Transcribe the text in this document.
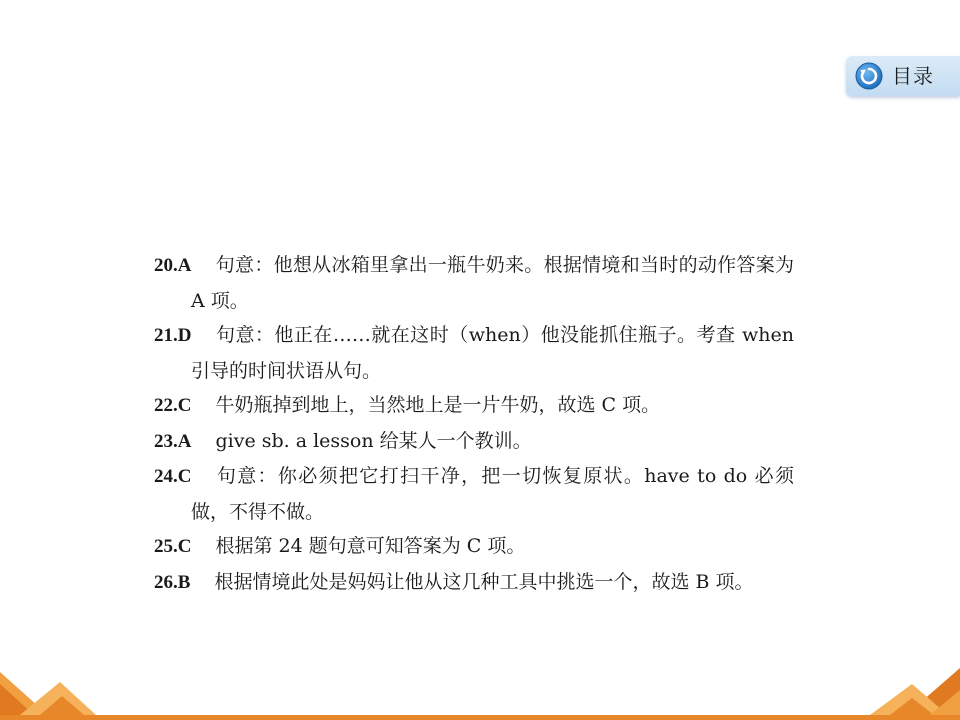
目录
20.A 句意：他想从冰箱里拿出一瓶牛奶来。根据情境和当时的动作答案为 A 项。
21.D 句意：他正在……就在这时（when）他没能抓住瓶子。考查 when 引导的时间状语从句。
22.C 牛奶瓶掉到地上，当然地上是一片牛奶，故选 C 项。
23.A give sb. a lesson 给某人一个教训。
24.C 句意：你必须把它打扫干净，把一切恢复原状。have to do 必须做，不得不做。
25.C 根据第 24 题句意可知答案为 C 项。
26.B 根据情境此处是妈妈让他从这几种工具中挑选一个，故选 B 项。
